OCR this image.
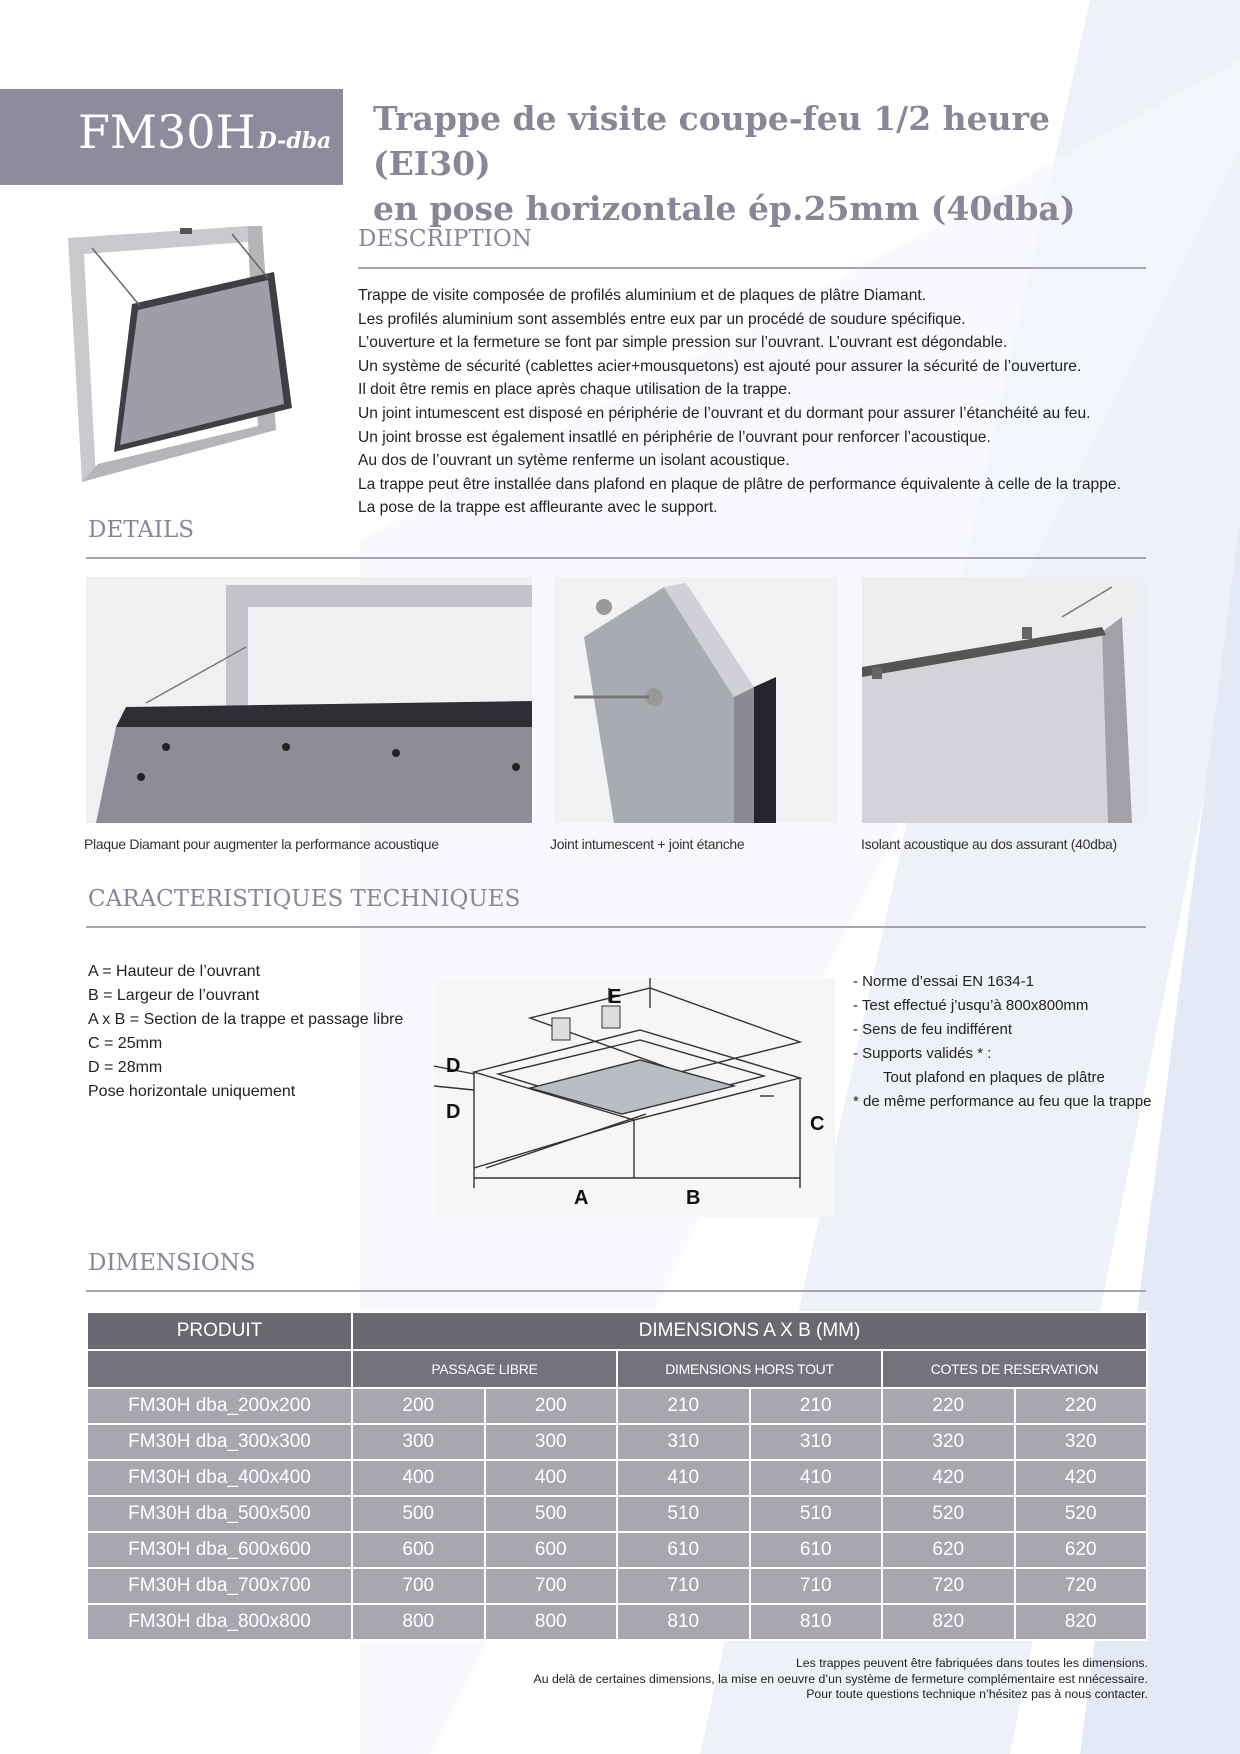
FM30HD-dba
Trappe de visite coupe-feu 1/2 heure (EI30)
en pose horizontale ép.25mm (40dba)
DESCRIPTION
Trappe de visite composée de profilés aluminium et de plaques de plâtre Diamant.
Les profilés aluminium sont assemblés entre eux par un procédé de soudure spécifique.
L’ouverture et la fermeture se font par simple pression sur l’ouvrant. L’ouvrant est dégondable.
Un système de sécurité (cablettes acier+mousquetons) est ajouté pour assurer la sécurité de l’ouverture.
Il doit être remis en place après chaque utilisation de la trappe.
Un joint intumescent est disposé en périphérie de l’ouvrant et du dormant pour assurer l’étanchéité au feu.
Un joint brosse est également insatllé en périphérie de l’ouvrant pour renforcer l’acoustique.
Au dos de l’ouvrant un sytème renferme un isolant acoustique.
La trappe peut être installée dans plafond en plaque de plâtre de performance équivalente à celle de la trappe.
La pose de la trappe est affleurante avec le support.
DETAILS
Plaque Diamant pour augmenter la performance acoustique	Joint intumescent + joint étanche	Isolant acoustique au dos assurant (40dba)
CARACTERISTIQUES TECHNIQUES
A = Hauteur de l’ouvrant
B = Largeur de l’ouvrant
A x B = Section de la trappe et passage libre
C = 25mm
D = 28mm
Pose horizontale uniquement
E
D
D
C
A	B
- Norme d’essai EN 1634-1
- Test effectué j’usqu’à 800x800mm
- Sens de feu indifférent
- Supports validés * :
Tout plafond en plaques de plâtre
* de même performance au feu que la trappe
DIMENSIONS
PRODUIT	DIMENSIONS A X B (MM)					
	PASSAGE LIBRE		DIMENSIONS HORS TOUT		COTES DE RESERVATION	
FM30H dba_200x200	200	200	210	210	220	220
FM30H dba_300x300	300	300	310	310	320	320
FM30H dba_400x400	400	400	410	410	420	420
FM30H dba_500x500	500	500	510	510	520	520
FM30H dba_600x600	600	600	610	610	620	620
FM30H dba_700x700	700	700	710	710	720	720
FM30H dba_800x800	800	800	810	810	820	820
Les trappes peuvent être fabriquées dans toutes les dimensions.
Au delà de certaines dimensions, la mise en oeuvre d’un système de fermeture complémentaire est nnécessaire.
Pour toute questions technique n’hésitez pas à nous contacter.
